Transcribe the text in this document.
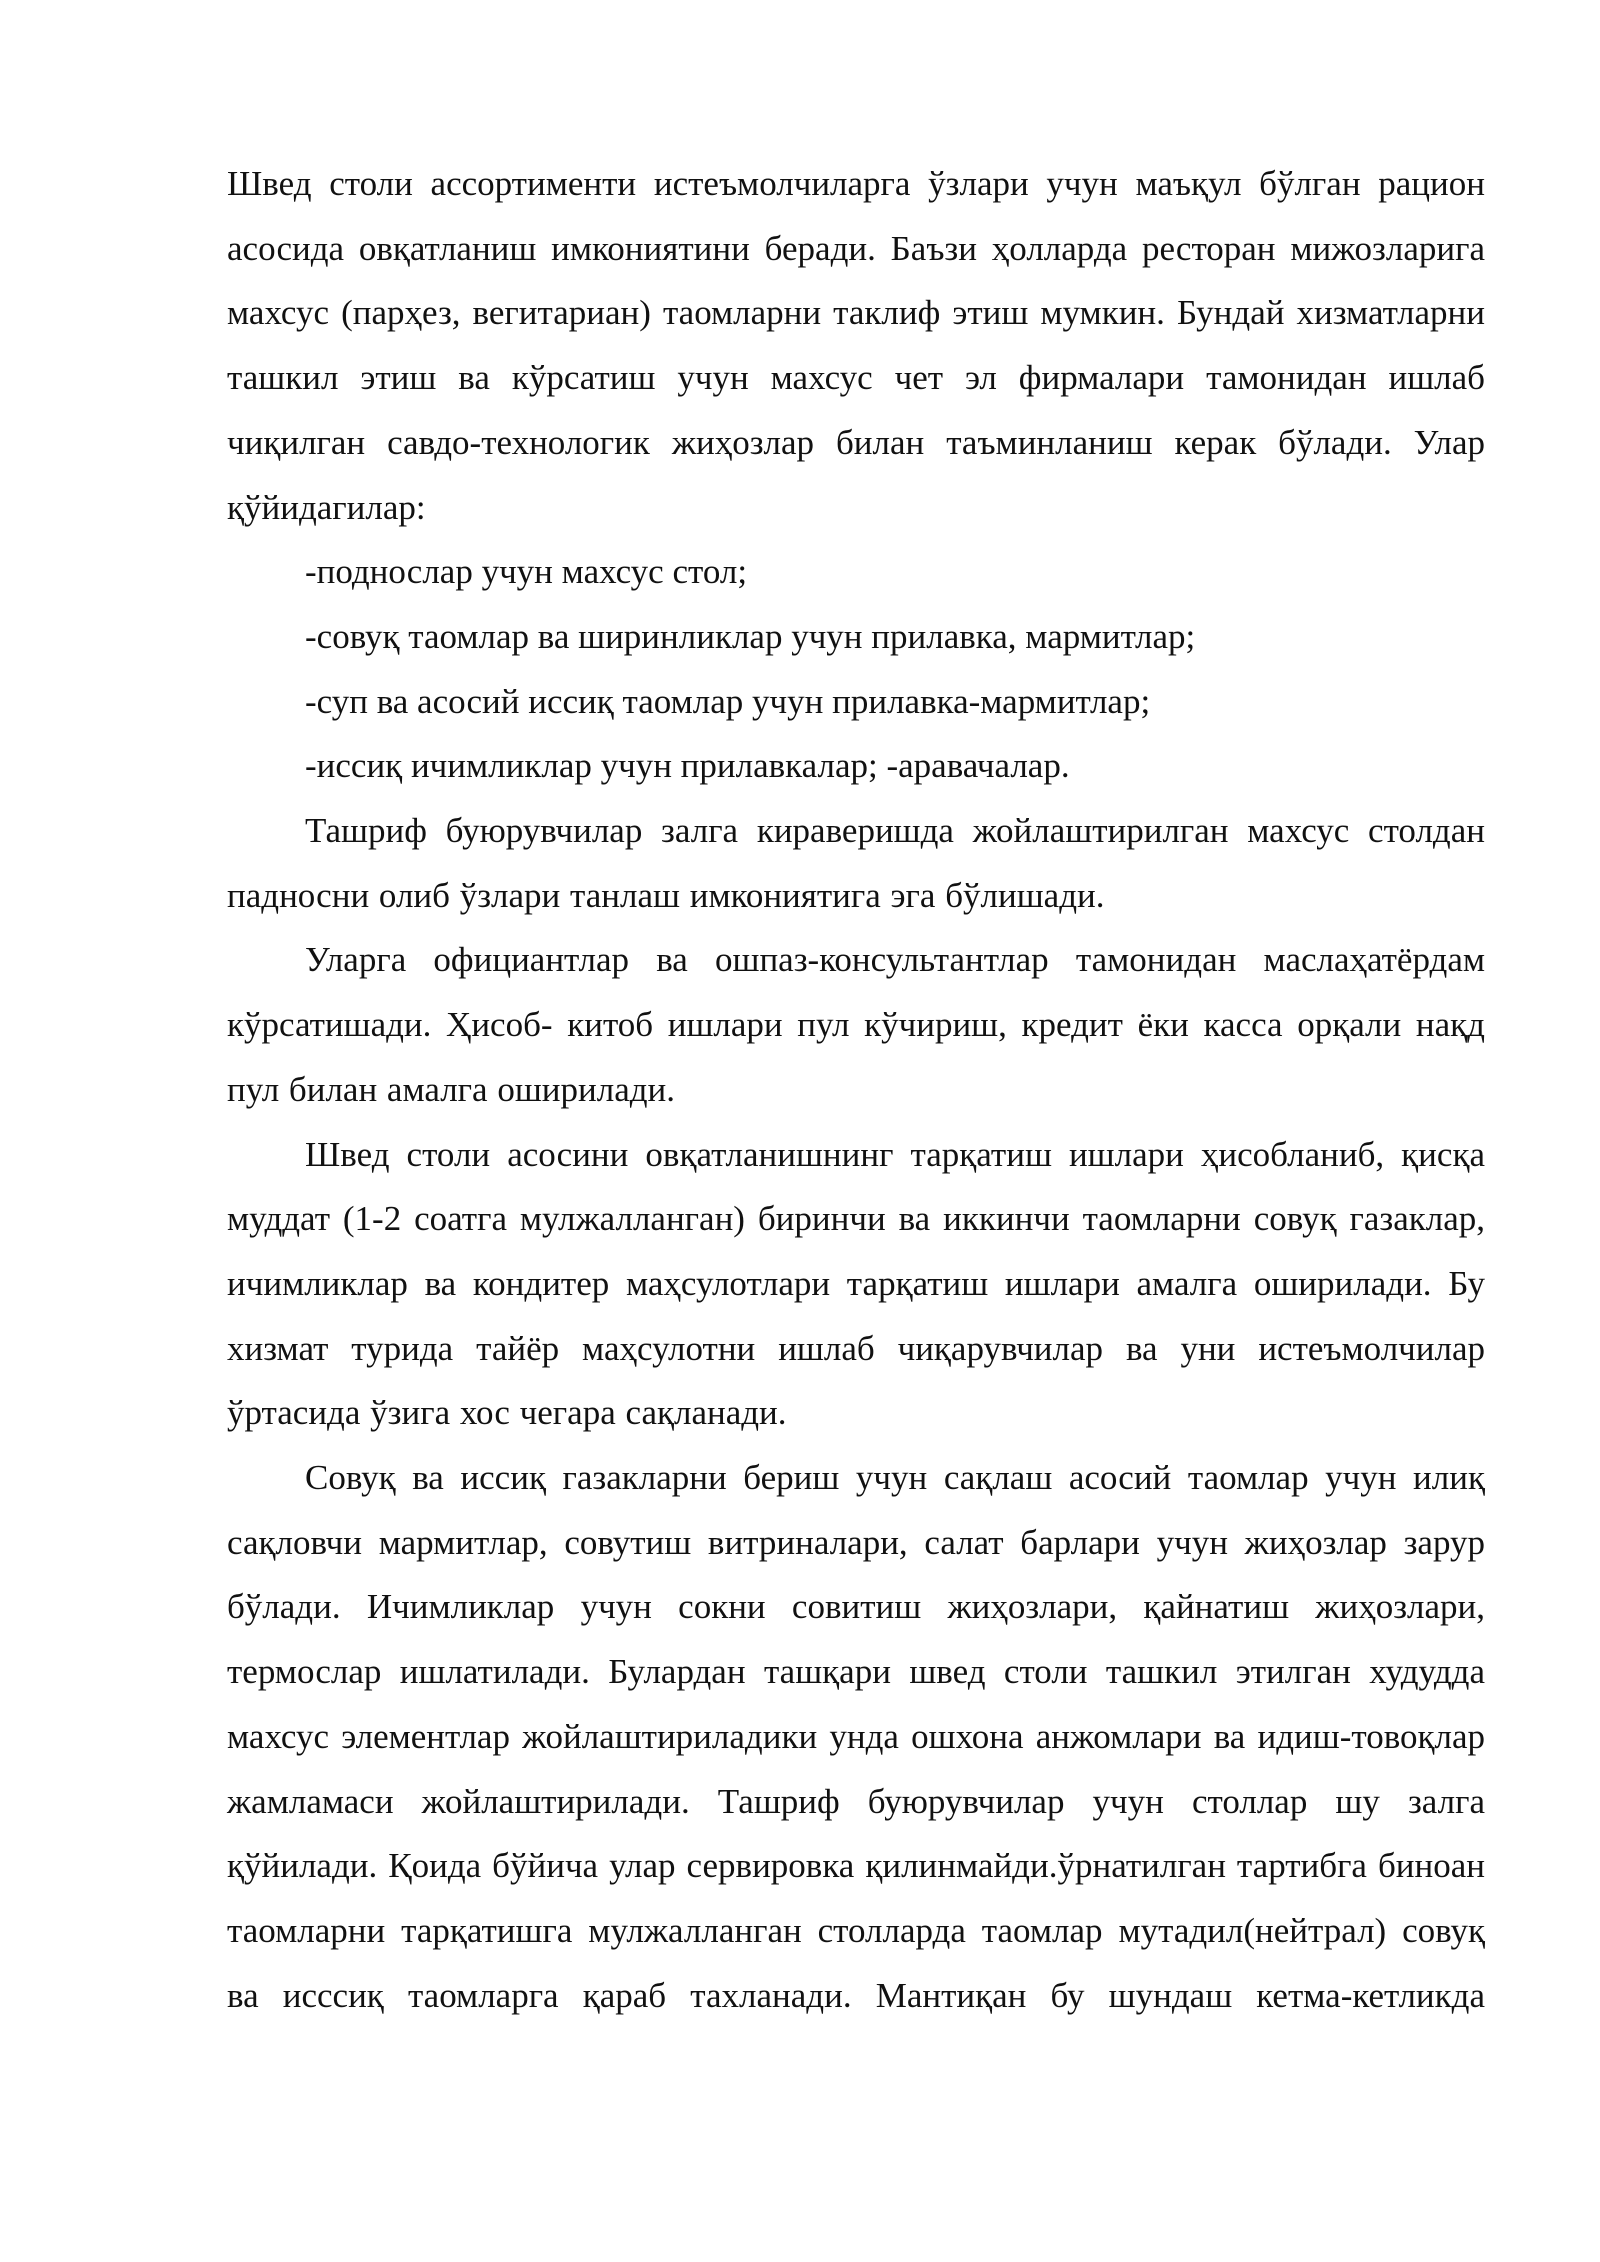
Швед столи ассортименти истеъмолчиларга ўзлари учун маъқул бўлган рацион асосида овқатланиш имкониятини беради. Баъзи ҳолларда ресторан мижозларига махсус (парҳез, вегитариан) таомларни таклиф этиш мумкин. Бундай хизматларни ташкил этиш ва кўрсатиш учун махсус чет эл фирмалари тамонидан ишлаб чиқилган савдо-технологик жиҳозлар билан таъминланиш керак бўлади. Улар қўйидагилар:

-поднослар учун махсус стол;

-совуқ таомлар ва ширинликлар учун прилавка, мармитлар;

-суп ва асосий иссиқ таомлар учун прилавка-мармитлар;

-иссиқ ичимликлар учун прилавкалар; -аравачалар.

Ташриф буюрувчилар залга кираверишда жойлаштирилган махсус столдан падносни олиб ўзлари танлаш имкониятига эга бўлишади.

Уларга официантлар ва ошпаз-консультантлар тамонидан маслаҳатёрдам кўрсатишади. Ҳисоб- китоб ишлари пул кўчириш, кредит ёки касса орқали нақд пул билан амалга оширилади.

Швед столи асосини овқатланишнинг тарқатиш ишлари ҳисобланиб, қисқа муддат (1-2 соатга мулжалланган) биринчи ва иккинчи таомларни совуқ газаклар, ичимликлар ва кондитер маҳсулотлари тарқатиш ишлари амалга оширилади. Бу хизмат турида тайёр маҳсулотни ишлаб чиқарувчилар ва уни истеъмолчилар ўртасида ўзига хос чегара сақланади.

Совуқ ва иссиқ газакларни бериш учун сақлаш асосий таомлар учун илиқ сақловчи мармитлар, совутиш витриналари, салат барлари учун жиҳозлар зарур бўлади. Ичимликлар учун сокни совитиш жиҳозлари, қайнатиш жиҳозлари, термослар ишлатилади. Булардан ташқари швед столи ташкил этилган худудда махсус элементлар жойлаштириладики унда ошхона анжомлари ва идиш-товоқлар жамламаси жойлаштирилади. Ташриф буюрувчилар учун столлар шу залга қўйилади. Қоида бўйича улар сервировка қилинмайди.ўрнатилган тартибга биноан таомларни тарқатишга мулжалланган столларда таомлар мутадил(нейтрал) совуқ ва исссиқ таомларга қараб тахланади. Мантиқан бу шундаш кетма-кетликда
